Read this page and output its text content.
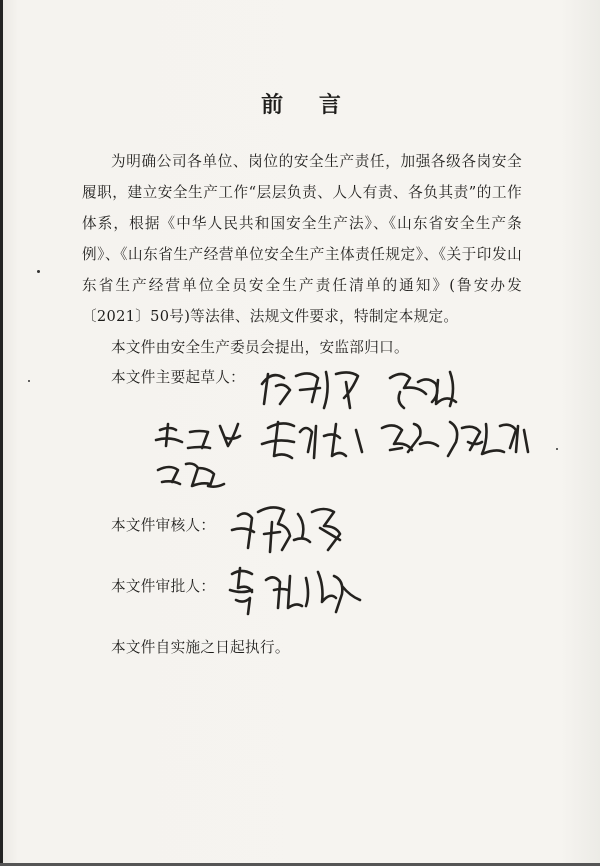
前 言
为明确公司各单位、岗位的安全生产责任，加强各级各岗安全履职，建立安全生产工作“层层负责、人人有责、各负其责”的工作体系，根据《中华人民共和国安全生产法》、《山东省安全生产条例》、《山东省生产经营单位安全生产主体责任规定》、《关于印发山东省生产经营单位全员安全生产责任清单的通知》(鲁安办发〔2021〕50号)等法律、法规文件要求，特制定本规定。
本文件由安全生产委员会提出，安监部归口。
本文件主要起草人：
本文件审核人：
本文件审批人：
本文件自实施之日起执行。
